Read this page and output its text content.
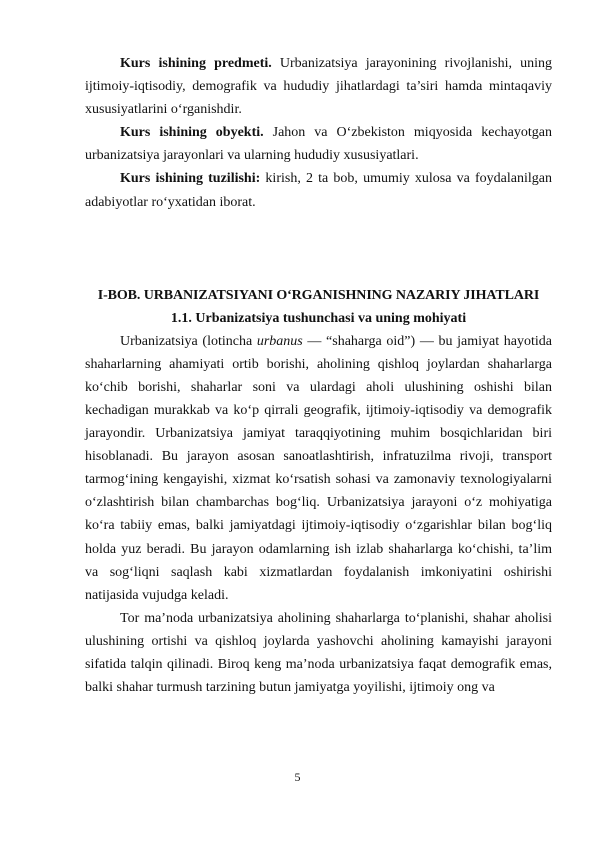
Kurs ishining predmeti. Urbanizatsiya jarayonining rivojlanishi, uning ijtimoiy-iqtisodiy, demografik va hududiy jihatlardagi ta’siri hamda mintaqaviy xususiyatlarini o‘rganishdir.

Kurs ishining obyekti. Jahon va O‘zbekiston miqyosida kechayotgan urbanizatsiya jarayonlari va ularning hududiy xususiyatlari.

Kurs ishining tuzilishi: kirish, 2 ta bob, umumiy xulosa va foydalanilgan adabiyotlar ro‘yxatidan iborat.

I-BOB. URBANIZATSIYANI O‘RGANISHNING NAZARIY JIHATLARI
1.1. Urbanizatsiya tushunchasi va uning mohiyati

Urbanizatsiya (lotincha urbanus — “shaharga oid”) — bu jamiyat hayotida shaharlarning ahamiyati ortib borishi, aholining qishloq joylardan shaharlarga ko‘chib borishi, shaharlar soni va ulardagi aholi ulushining oshishi bilan kechadigan murakkab va ko‘p qirrali geografik, ijtimoiy-iqtisodiy va demografik jarayondir. Urbanizatsiya jamiyat taraqqiyotining muhim bosqichlaridan biri hisoblanadi. Bu jarayon asosan sanoatlashtirish, infratuzilma rivoji, transport tarmog‘ining kengayishi, xizmat ko‘rsatish sohasi va zamonaviy texnologiyalarni o‘zlashtirish bilan chambarchas bog‘liq. Urbanizatsiya jarayoni o‘z mohiyatiga ko‘ra tabiiy emas, balki jamiyatdagi ijtimoiy-iqtisodiy o‘zgarishlar bilan bog‘liq holda yuz beradi. Bu jarayon odamlarning ish izlab shaharlarga ko‘chishi, ta’lim va sog‘liqni saqlash kabi xizmatlardan foydalanish imkoniyatini oshirishi natijasida vujudga keladi.

Tor ma’noda urbanizatsiya aholining shaharlarga to‘planishi, shahar aholisi ulushining ortishi va qishloq joylarda yashovchi aholining kamayishi jarayoni sifatida talqin qilinadi. Biroq keng ma’noda urbanizatsiya faqat demografik emas, balki shahar turmush tarzining butun jamiyatga yoyilishi, ijtimoiy ong va

5
